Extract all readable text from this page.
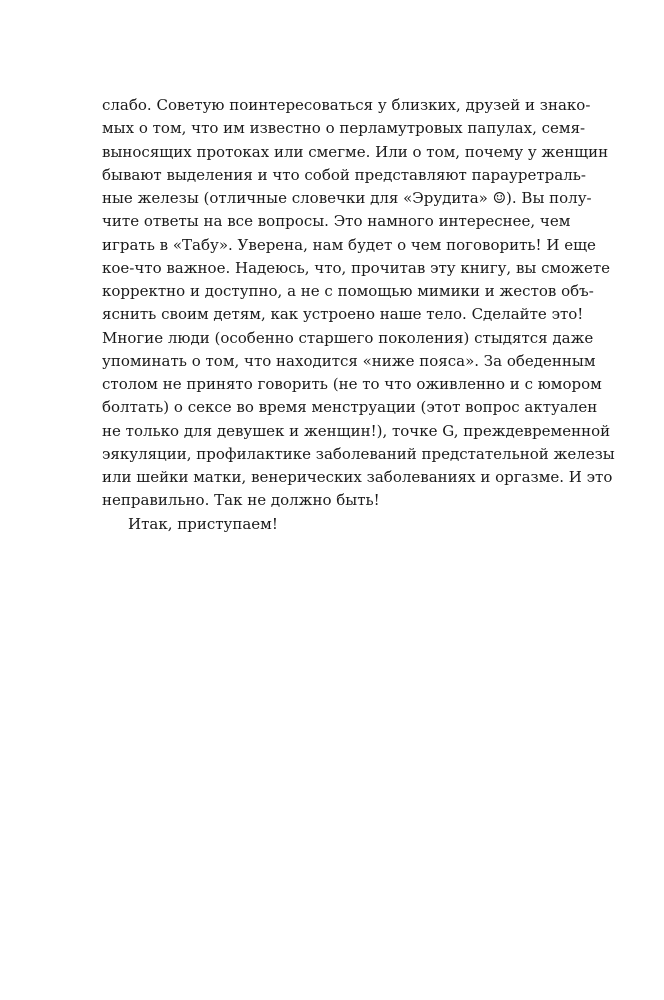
слабо. Советую поинтересоваться у близких, друзей и знако-
мых о том, что им известно о перламутровых папулах, семя-
выносящих протоках или смегме. Или о том, почему у женщин
бывают выделения и что собой представляют парауретраль-
ные железы (отличные словечки для «Эрудита» ☺). Вы полу-
чите ответы на все вопросы. Это намного интереснее, чем
играть в «Табу». Уверена, нам будет о чем поговорить! И еще
кое-что важное. Надеюсь, что, прочитав эту книгу, вы сможете
корректно и доступно, а не с помощью мимики и жестов объ-
яснить своим детям, как устроено наше тело. Сделайте это!
Многие люди (особенно старшего поколения) стыдятся даже
упоминать о том, что находится «ниже пояса». За обеденным
столом не принято говорить (не то что оживленно и с юмором
болтать) о сексе во время менструации (этот вопрос актуален
не только для девушек и женщин!), точке G, преждевременной
эякуляции, профилактике заболеваний предстательной железы
или шейки матки, венерических заболеваниях и оргазме. И это
неправильно. Так не должно быть!
Итак, приступаем!
